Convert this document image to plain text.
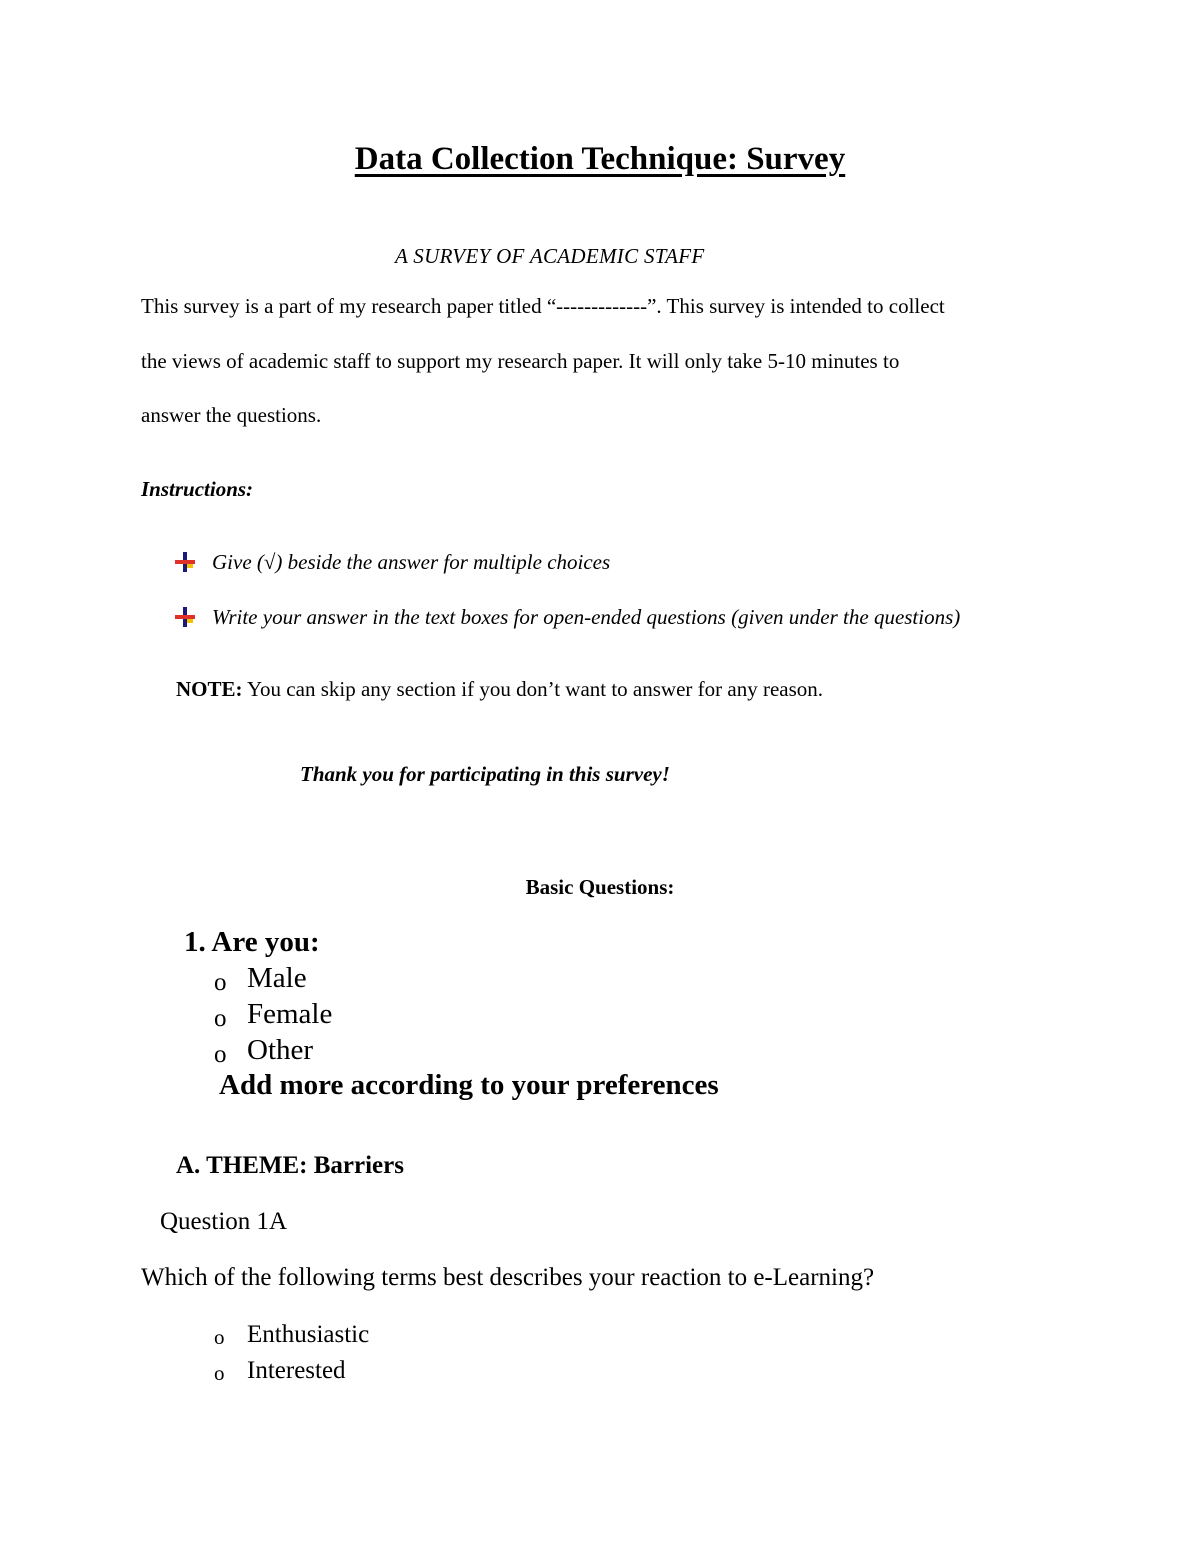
Data Collection Technique: Survey
A SURVEY OF ACADEMIC STAFF
This survey is a part of my research paper titled “-------------”. This survey is intended to collect
the views of academic staff to support my research paper. It will only take 5-10 minutes to
answer the questions.
Instructions:
Give (√) beside the answer for multiple choices
Write your answer in the text boxes for open-ended questions (given under the questions)
NOTE: You can skip any section if you don’t want to answer for any reason.
Thank you for participating in this survey!
Basic Questions:
1. Are you:
o Male
o Female
o Other
Add more according to your preferences
A. THEME: Barriers
Question 1A
Which of the following terms best describes your reaction to e-Learning?
o Enthusiastic
o Interested
